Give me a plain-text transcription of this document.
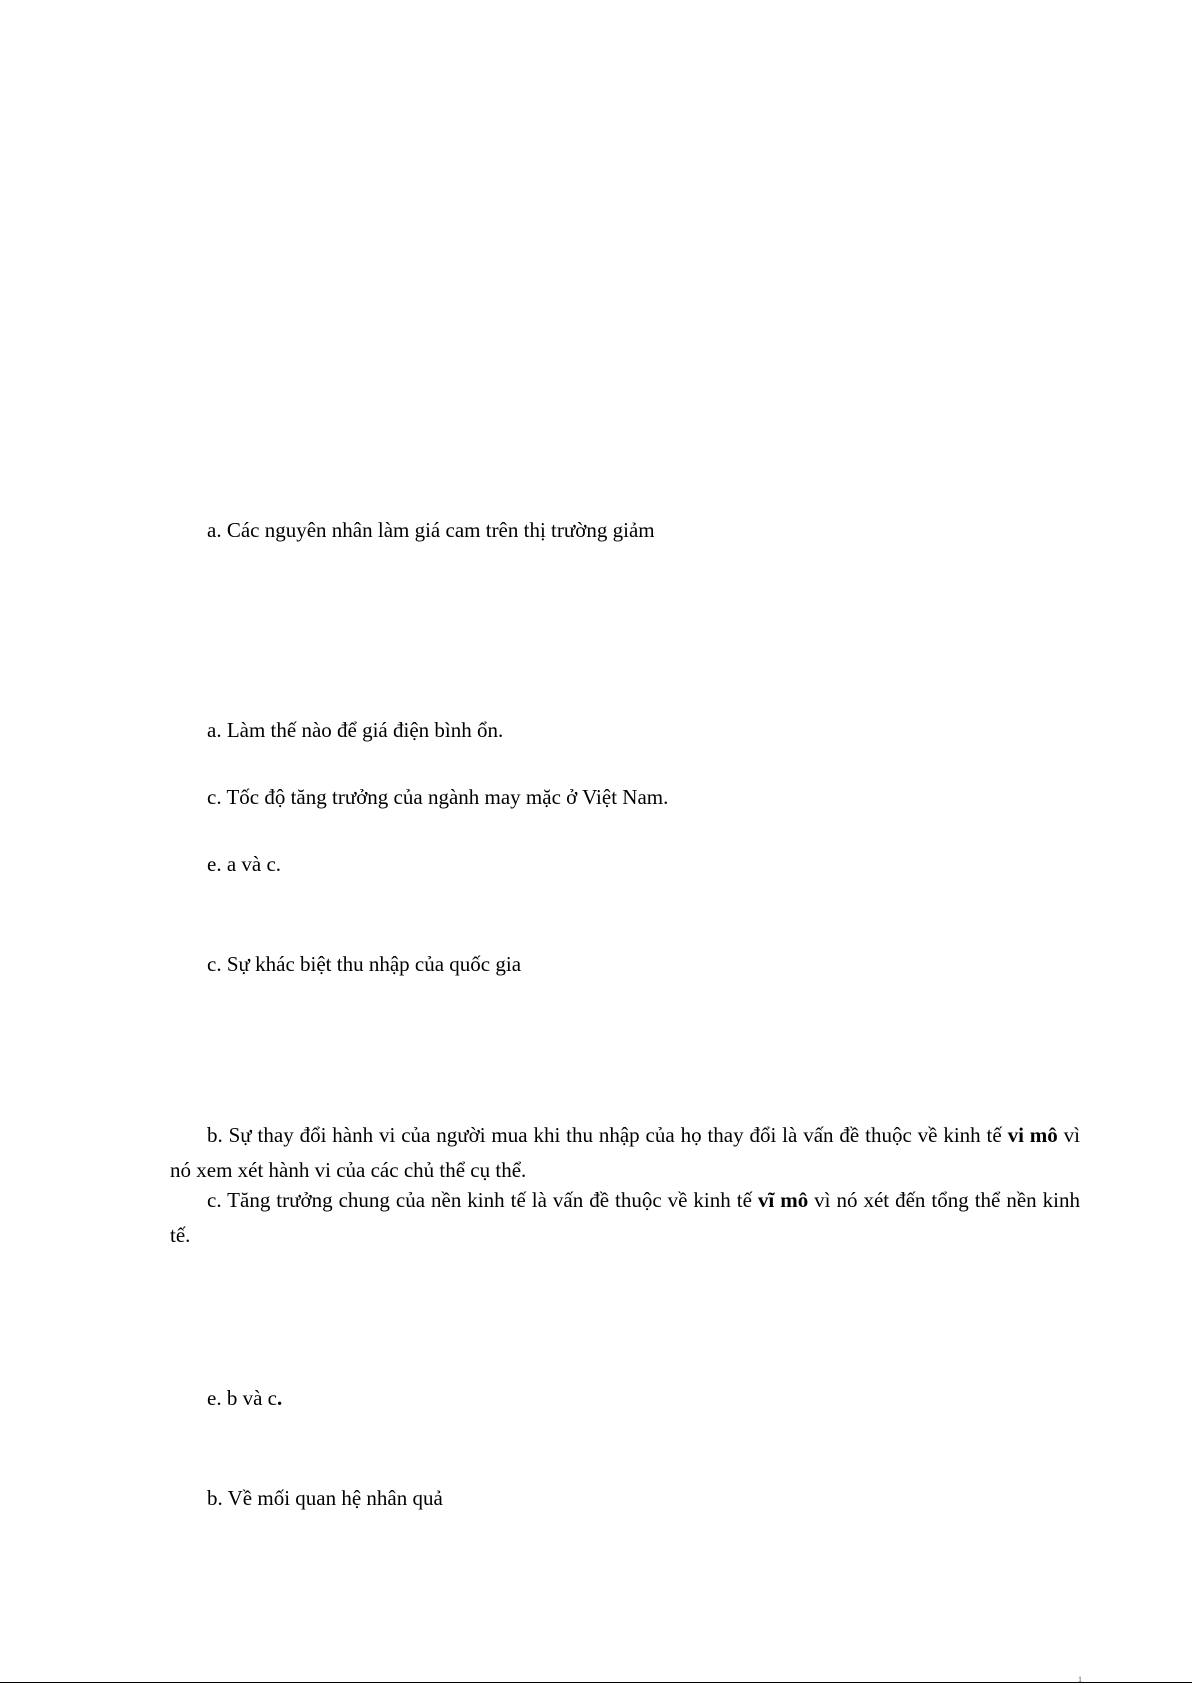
a. Các nguyên nhân làm giá cam trên thị trường giảm
a. Làm thế nào để giá điện bình ổn.
c. Tốc độ tăng trưởng của ngành may mặc ở Việt Nam.
e. a và c.
c. Sự khác biệt thu nhập của quốc gia
b. Sự thay đổi hành vi của người mua khi thu nhập của họ thay đổi là vấn đề thuộc về kinh tế vi mô vì nó xem xét hành vi của các chủ thể cụ thể.
c. Tăng trưởng chung của nền kinh tế là vấn đề thuộc về kinh tế vĩ mô vì nó xét đến tổng thể nền kinh tế.
e. b và c.
b. Về mối quan hệ nhân quả
1
